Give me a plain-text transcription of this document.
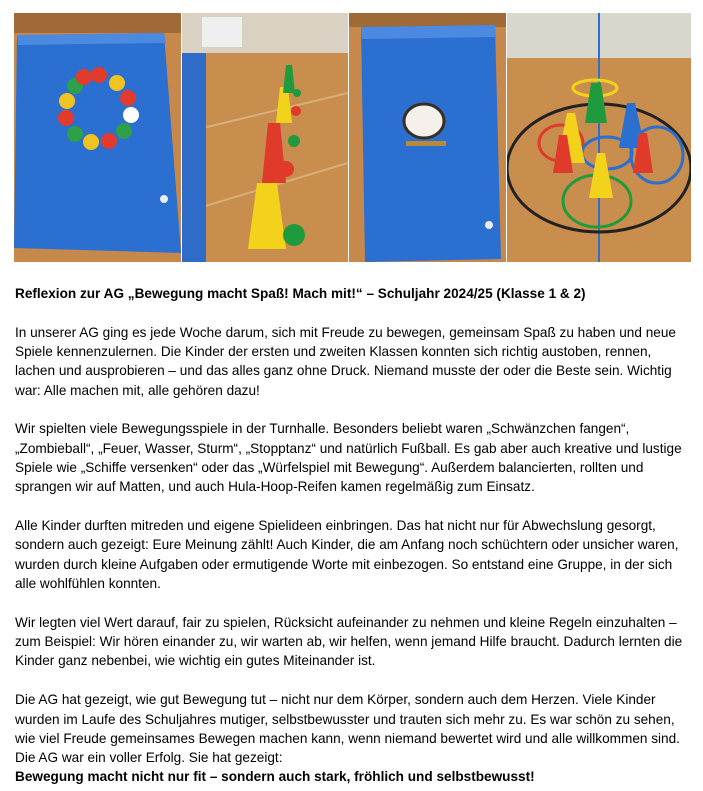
Reflexion zur AG „Bewegung macht Spaß! Mach mit!“ – Schuljahr 2024/25 (Klasse 1 & 2)

In unserer AG ging es jede Woche darum, sich mit Freude zu bewegen, gemeinsam Spaß zu haben und neue Spiele kennenzulernen. Die Kinder der ersten und zweiten Klassen konnten sich richtig austoben, rennen, lachen und ausprobieren – und das alles ganz ohne Druck. Niemand musste der oder die Beste sein. Wichtig war: Alle machen mit, alle gehören dazu!

Wir spielten viele Bewegungsspiele in der Turnhalle. Besonders beliebt waren „Schwänzchen fangen“, „Zombieball“, „Feuer, Wasser, Sturm“, „Stopptanz“ und natürlich Fußball. Es gab aber auch kreative und lustige Spiele wie „Schiffe versenken“ oder das „Würfelspiel mit Bewegung“. Außerdem balancierten, rollten und sprangen wir auf Matten, und auch Hula-Hoop-Reifen kamen regelmäßig zum Einsatz.

Alle Kinder durften mitreden und eigene Spielideen einbringen. Das hat nicht nur für Abwechslung gesorgt, sondern auch gezeigt: Eure Meinung zählt! Auch Kinder, die am Anfang noch schüchtern oder unsicher waren, wurden durch kleine Aufgaben oder ermutigende Worte mit einbezogen. So entstand eine Gruppe, in der sich alle wohlfühlen konnten.

Wir legten viel Wert darauf, fair zu spielen, Rücksicht aufeinander zu nehmen und kleine Regeln einzuhalten – zum Beispiel: Wir hören einander zu, wir warten ab, wir helfen, wenn jemand Hilfe braucht. Dadurch lernten die Kinder ganz nebenbei, wie wichtig ein gutes Miteinander ist.

Die AG hat gezeigt, wie gut Bewegung tut – nicht nur dem Körper, sondern auch dem Herzen. Viele Kinder wurden im Laufe des Schuljahres mutiger, selbstbewusster und trauten sich mehr zu. Es war schön zu sehen, wie viel Freude gemeinsames Bewegen machen kann, wenn niemand bewertet wird und alle willkommen sind. Die AG war ein voller Erfolg. Sie hat gezeigt:
Bewegung macht nicht nur fit – sondern auch stark, fröhlich und selbstbewusst!
